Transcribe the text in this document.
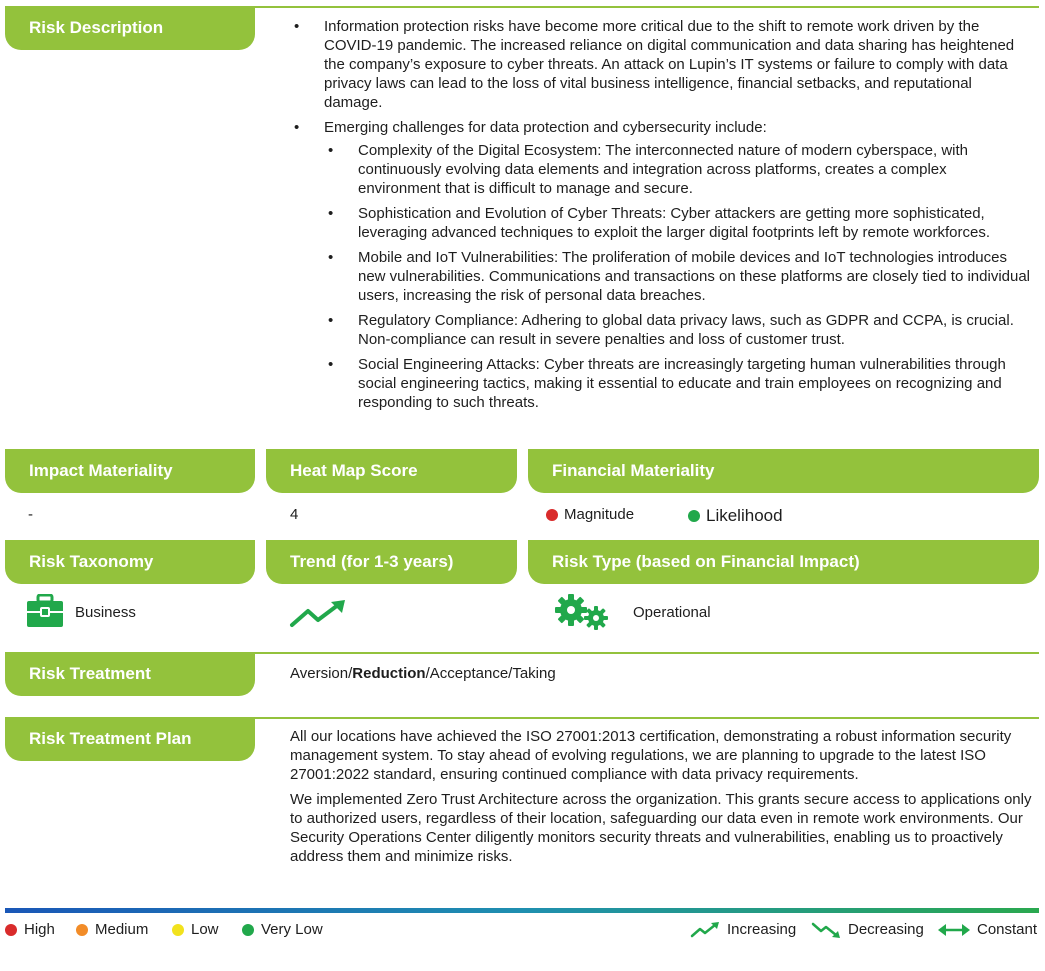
Risk Description
•	Information protection risks have become more critical due to the shift to remote work driven by the COVID-19 pandemic. The increased reliance on digital communication and data sharing has heightened the company’s exposure to cyber threats. An attack on Lupin’s IT systems or failure to comply with data privacy laws can lead to the loss of vital business intelligence, financial setbacks, and reputational damage.
• Emerging challenges for data protection and cybersecurity include:
• Complexity of the Digital Ecosystem: The interconnected nature of modern cyberspace, with continuously evolving data elements and integration across platforms, creates a complex environment that is difficult to manage and secure.
• Sophistication and Evolution of Cyber Threats: Cyber attackers are getting more sophisticated, leveraging advanced techniques to exploit the larger digital footprints left by remote workforces.
• Mobile and IoT Vulnerabilities: The proliferation of mobile devices and IoT technologies introduces new vulnerabilities. Communications and transactions on these platforms are closely tied to individual users, increasing the risk of personal data breaches.
• Regulatory Compliance: Adhering to global data privacy laws, such as GDPR and CCPA, is crucial. Non-compliance can result in severe penalties and loss of customer trust.
• Social Engineering Attacks: Cyber threats are increasingly targeting human vulnerabilities through social engineering tactics, making it essential to educate and train employees on recognizing and responding to such threats.
Impact Materiality	Heat Map Score	Financial Materiality
-	4	Magnitude	Likelihood
Risk Taxonomy	Trend (for 1-3 years)	Risk Type (based on Financial Impact)
Business	Operational
Risk Treatment	Aversion/Reduction/Acceptance/Taking
Risk Treatment Plan	All our locations have achieved the ISO 27001:2013 certification, demonstrating a robust information security management system. To stay ahead of evolving regulations, we are planning to upgrade to the latest ISO 27001:2022 standard, ensuring continued compliance with data privacy requirements.

We implemented Zero Trust Architecture across the organization. This grants secure access to applications only to authorized users, regardless of their location, safeguarding our data even in remote work environments. Our Security Operations Center diligently monitors security threats and vulnerabilities, enabling us to proactively address them and minimize risks.

High	Medium	Low	Very Low	Increasing	Decreasing	Constant
